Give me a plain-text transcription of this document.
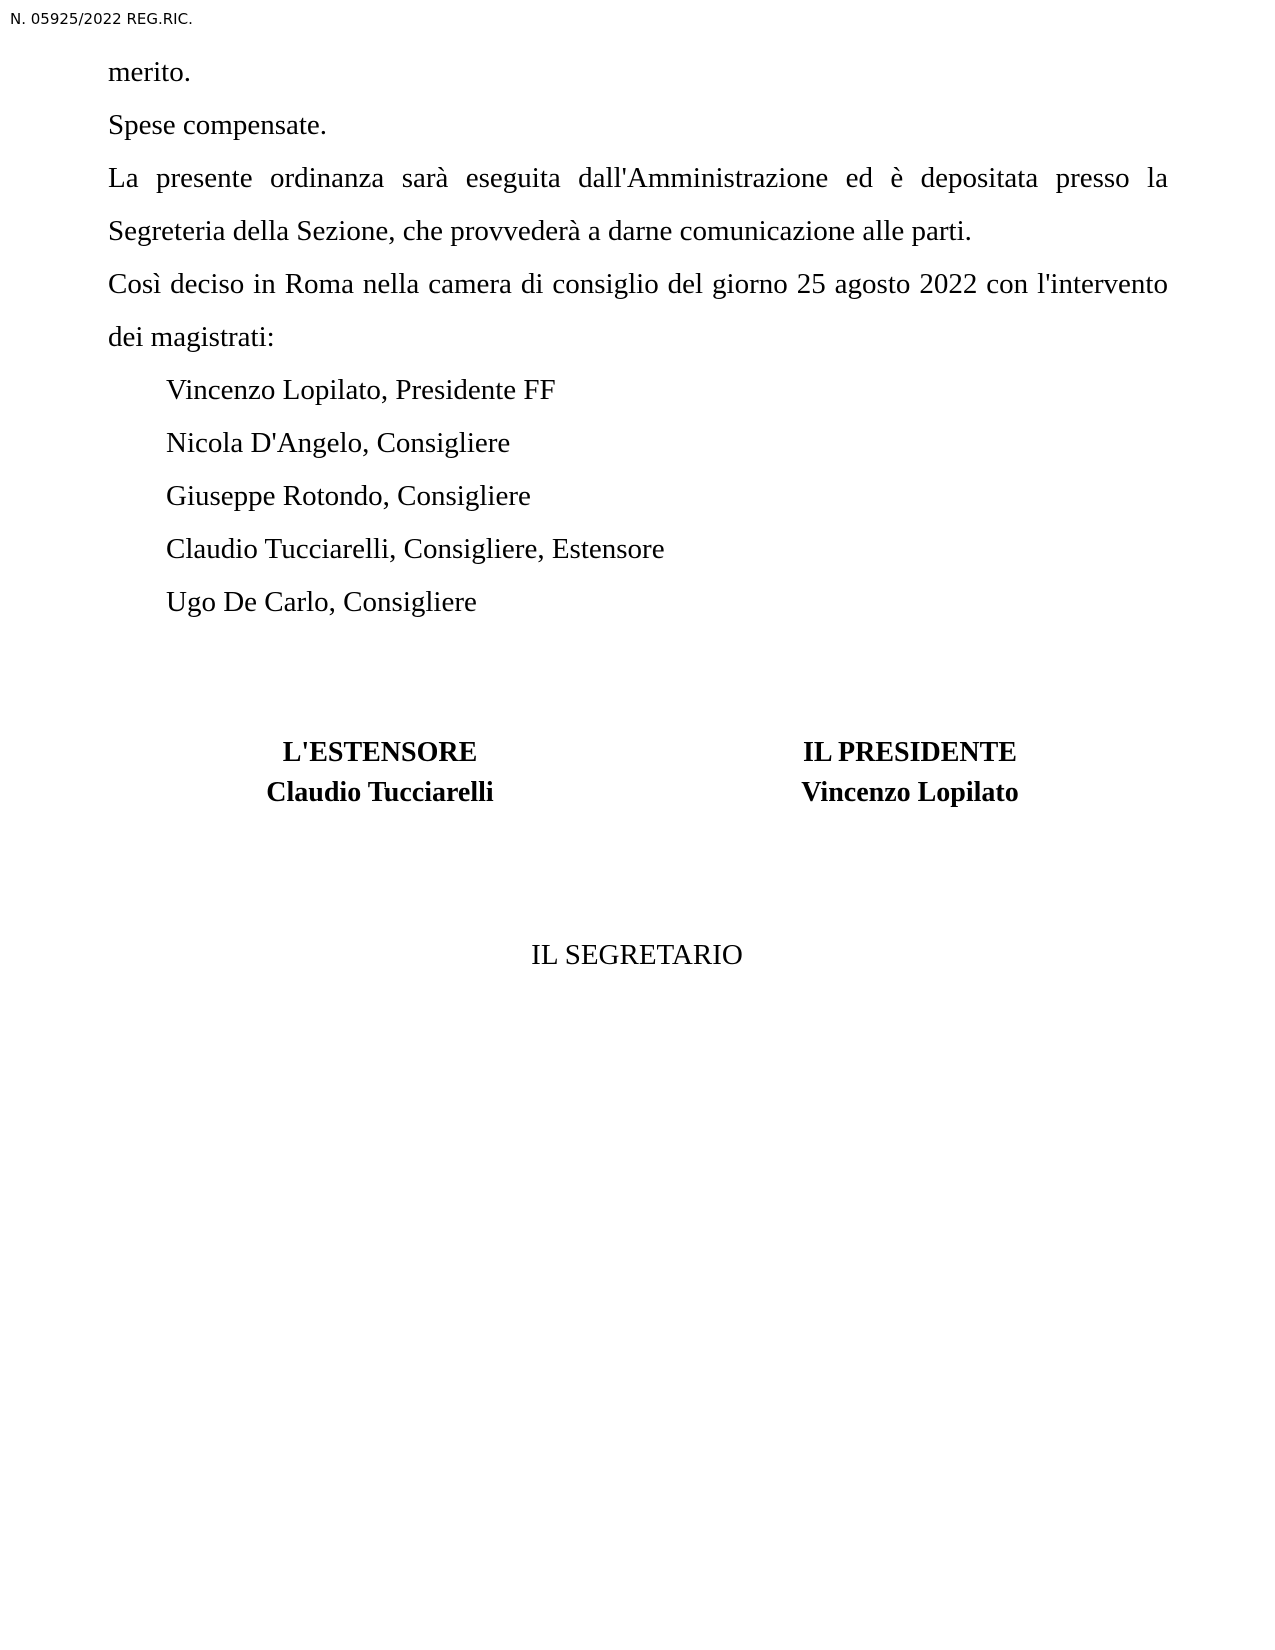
N. 05925/2022 REG.RIC.

merito.

Spese compensate.

La presente ordinanza sarà eseguita dall'Amministrazione ed è depositata presso la Segreteria della Sezione, che provvederà a darne comunicazione alle parti.

Così deciso in Roma nella camera di consiglio del giorno 25 agosto 2022 con l'intervento dei magistrati:

Vincenzo Lopilato, Presidente FF
Nicola D'Angelo, Consigliere
Giuseppe Rotondo, Consigliere
Claudio Tucciarelli, Consigliere, Estensore
Ugo De Carlo, Consigliere
L'ESTENSORE
Claudio Tucciarelli
IL PRESIDENTE
Vincenzo Lopilato
IL SEGRETARIO
